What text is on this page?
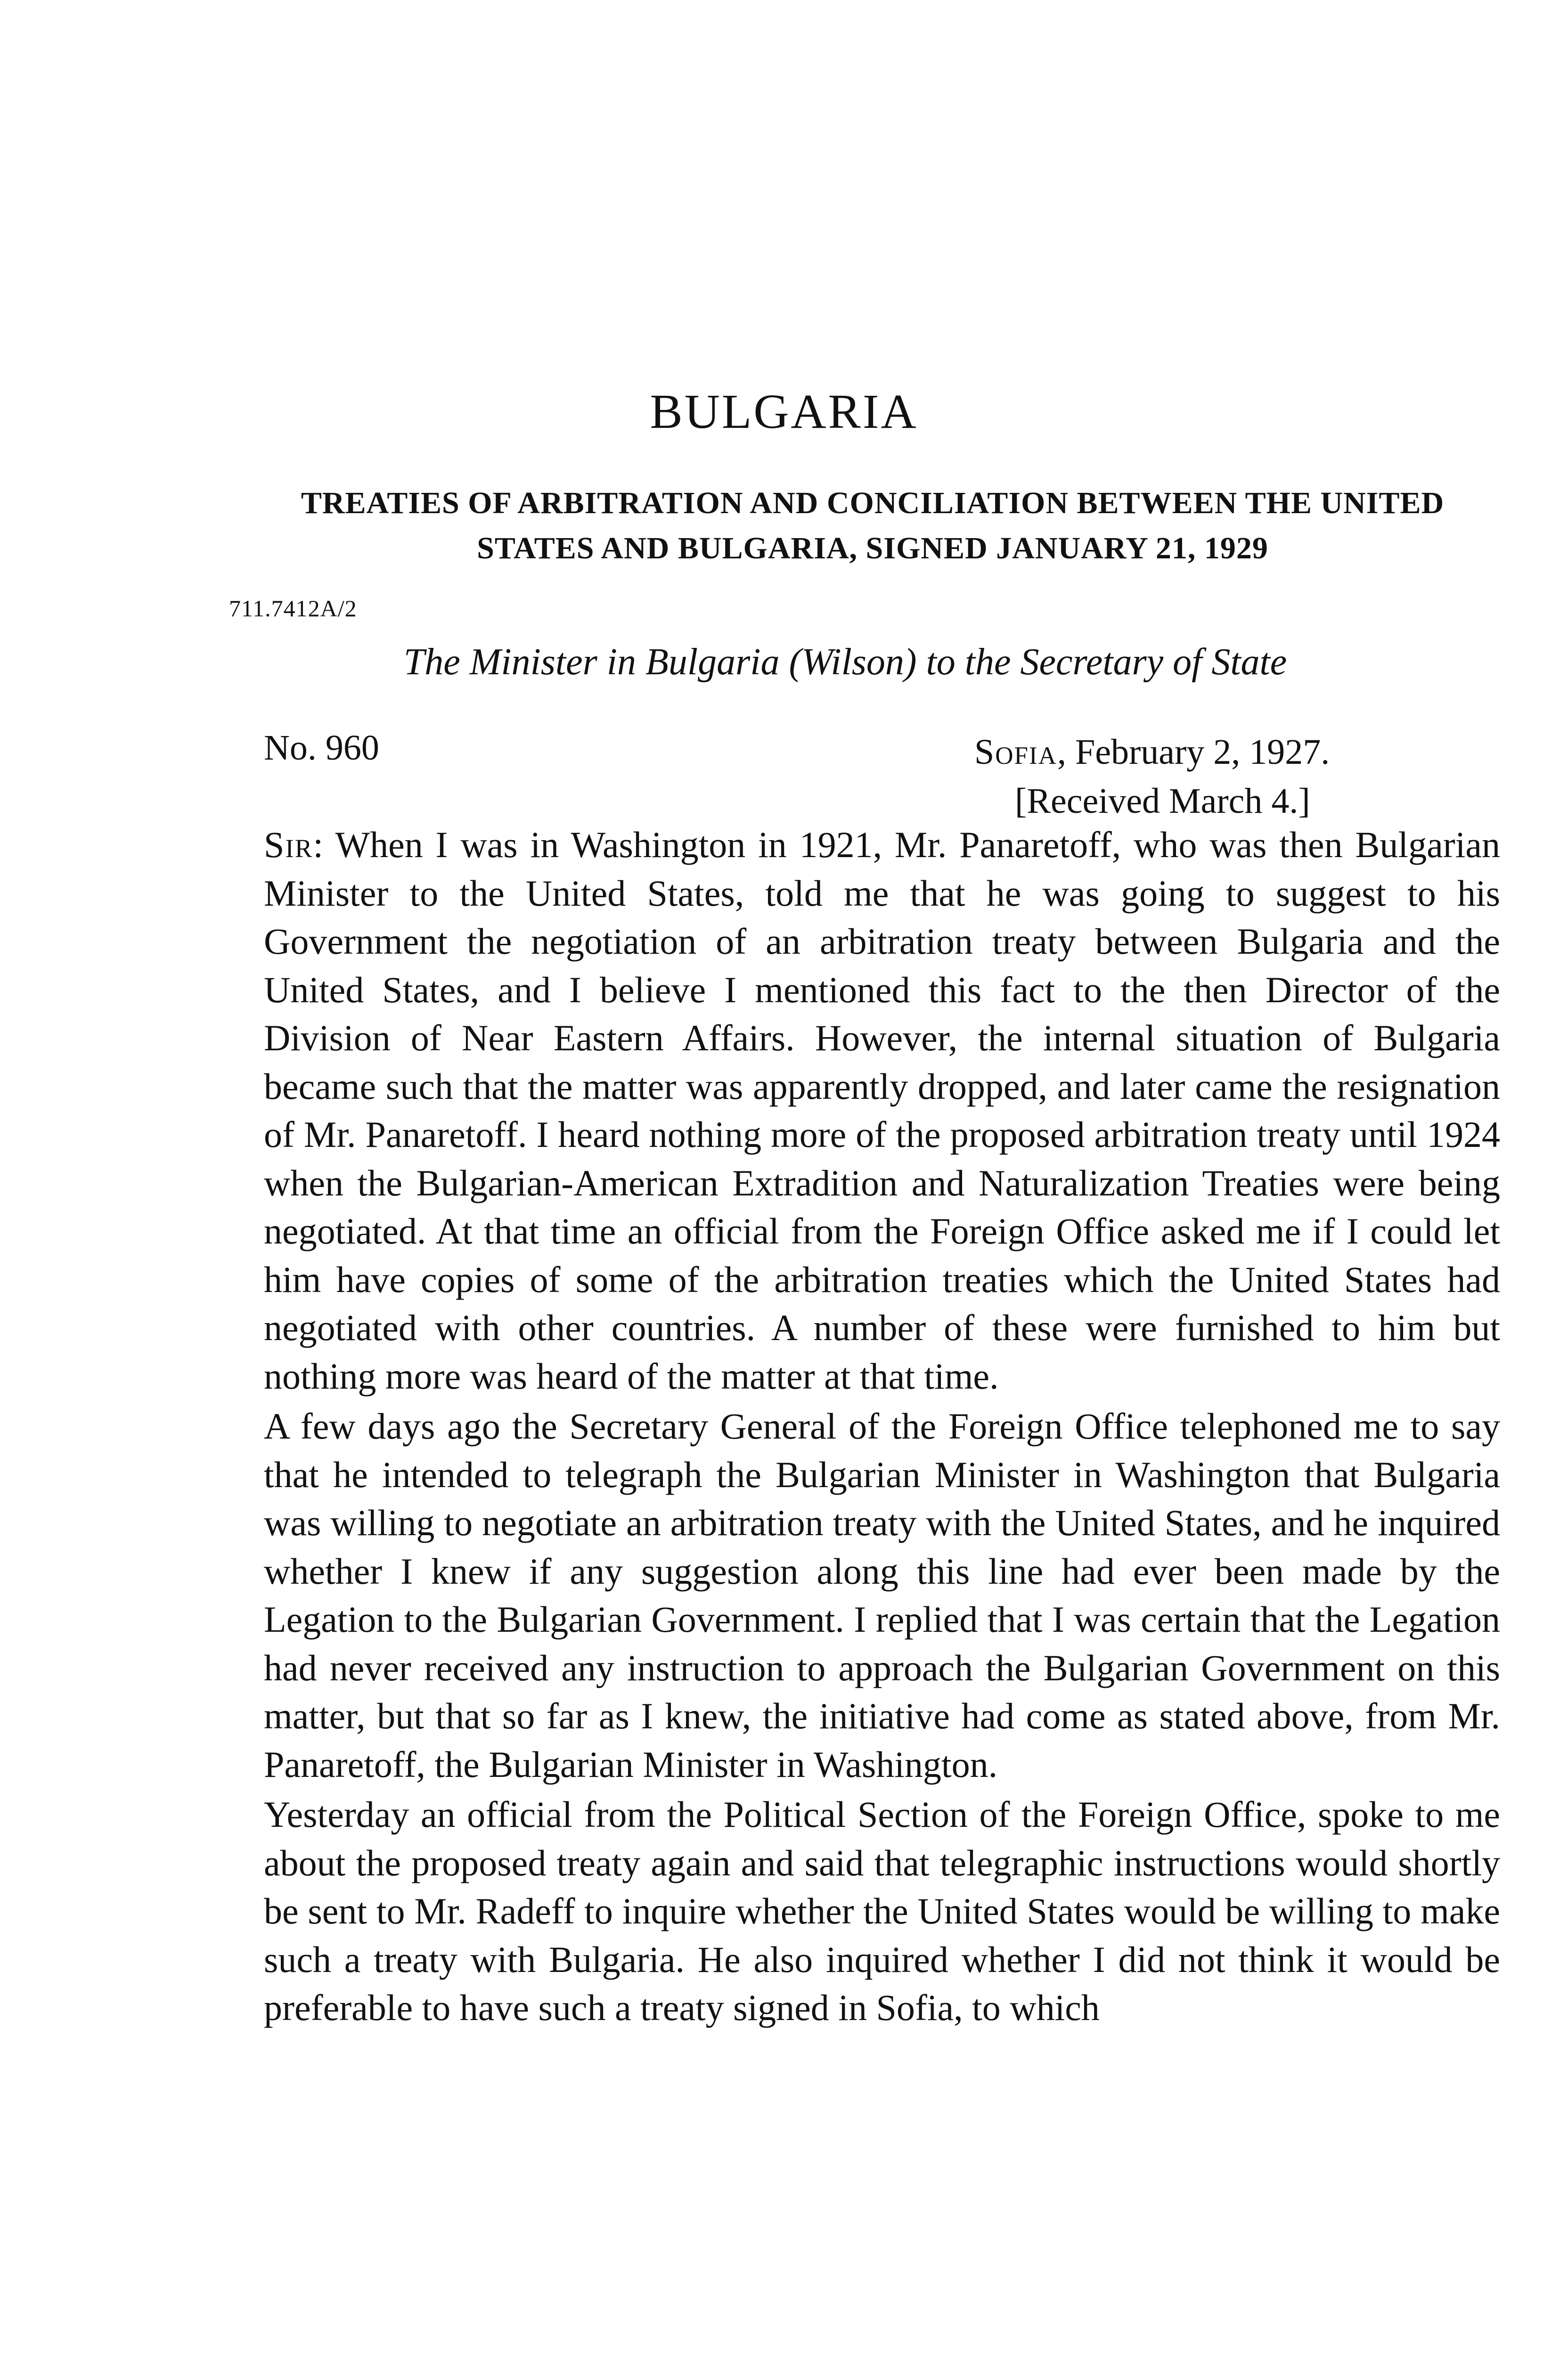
BULGARIA
TREATIES OF ARBITRATION AND CONCILIATION BETWEEN THE UNITED STATES AND BULGARIA, SIGNED JANUARY 21, 1929
711.7412A/2
The Minister in Bulgaria (Wilson) to the Secretary of State
No. 960	Sofia, February 2, 1927.
[Received March 4.]

Sir: When I was in Washington in 1921, Mr. Panaretoff, who was then Bulgarian Minister to the United States, told me that he was going to suggest to his Government the negotiation of an arbitration treaty between Bulgaria and the United States, and I believe I mentioned this fact to the then Director of the Division of Near Eastern Affairs. However, the internal situation of Bulgaria became such that the matter was apparently dropped, and later came the resignation of Mr. Panaretoff. I heard nothing more of the proposed arbitration treaty until 1924 when the Bulgarian-American Extradition and Naturalization Treaties were being negotiated. At that time an official from the Foreign Office asked me if I could let him have copies of some of the arbitration treaties which the United States had negotiated with other countries. A number of these were furnished to him but nothing more was heard of the matter at that time.

A few days ago the Secretary General of the Foreign Office telephoned me to say that he intended to telegraph the Bulgarian Minister in Washington that Bulgaria was willing to negotiate an arbitration treaty with the United States, and he inquired whether I knew if any suggestion along this line had ever been made by the Legation to the Bulgarian Government. I replied that I was certain that the Legation had never received any instruction to approach the Bulgarian Government on this matter, but that so far as I knew, the initiative had come as stated above, from Mr. Panaretoff, the Bulgarian Minister in Washington.

Yesterday an official from the Political Section of the Foreign Office, spoke to me about the proposed treaty again and said that telegraphic instructions would shortly be sent to Mr. Radeff to inquire whether the United States would be willing to make such a treaty with Bulgaria. He also inquired whether I did not think it would be preferable to have such a treaty signed in Sofia, to which
